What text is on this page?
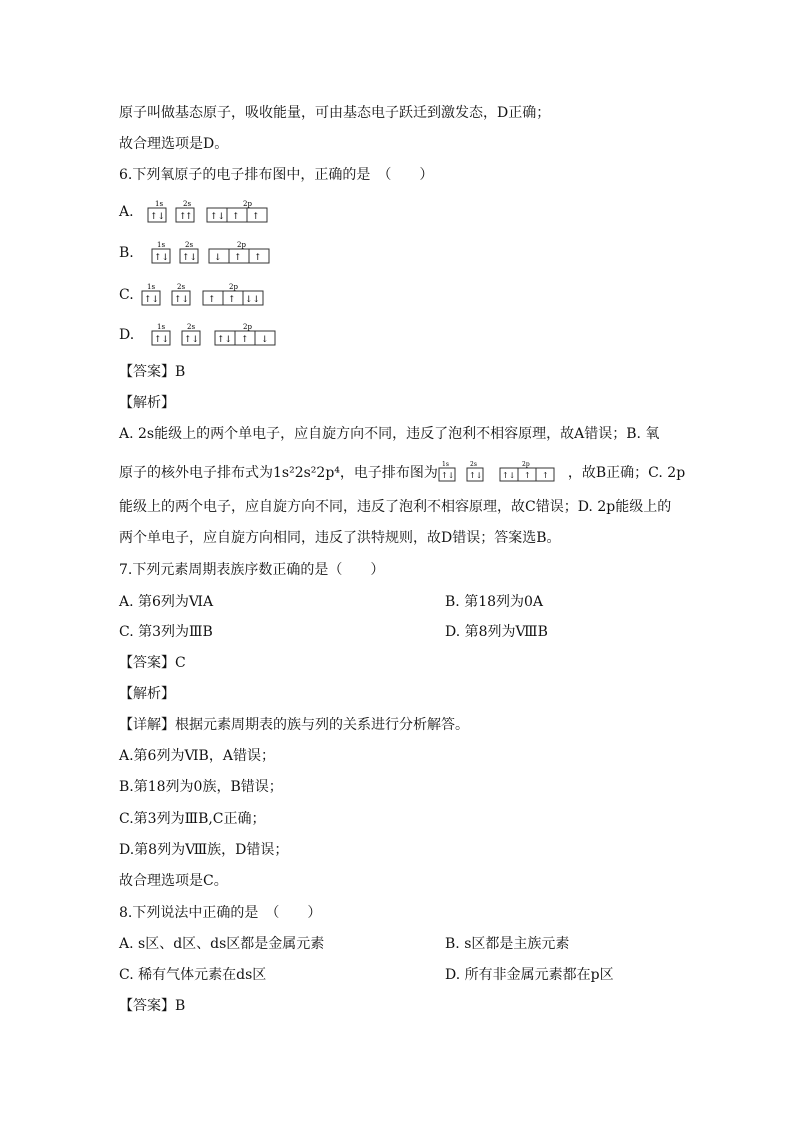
原子叫做基态原子，吸收能量，可由基态电子跃迁到激发态，D正确；
故合理选项是D。
6.下列氧原子的电子排布图中，正确的是　（　　）
A.	1s	2s	2p
↑↓ ↑
↑ ↑↓ ↑ ↑
B.	1s	2s	2p
↑↓ ↑↓ ↓ ↑ ↑
C. 1s	2s	2p
↑↓ ↑↓ ↑ ↑ ↓↓
D.	1s	2s	2p
↑↓ ↑↓ ↑↓ ↑ ↓
【答案】B
【解析】
A. 2s能级上的两个单电子，应自旋方向不同，违反了泡利不相容原理，故A错误；B. 氧
原子的核外电子排布式为1s²2s²2p⁴，电子排布图为
1s	2s	2p
↑↓ ↑↓ ↑↓ ↑ ↑ ，故B正确；C. 2p
能级上的两个电子，应自旋方向不同，违反了泡利不相容原理，故C错误；D. 2p能级上的
两个单电子，应自旋方向相同，违反了洪特规则，故D错误；答案选B。
7.下列元素周期表族序数正确的是（　　）
A. 第6列为ⅥA	B. 第18列为0A
C. 第3列为ⅢB	D. 第8列为ⅧB
【答案】C
【解析】
【详解】根据元素周期表的族与列的关系进行分析解答。
A.第6列为ⅥB，A错误；
B.第18列为0族，B错误；
C.第3列为ⅢB,C正确；
D.第8列为Ⅷ族，D错误；
故合理选项是C。
8.下列说法中正确的是　（　　）
A. s区、d区、ds区都是金属元素	B. s区都是主族元素
C. 稀有气体元素在ds区	D. 所有非金属元素都在p区
【答案】B
